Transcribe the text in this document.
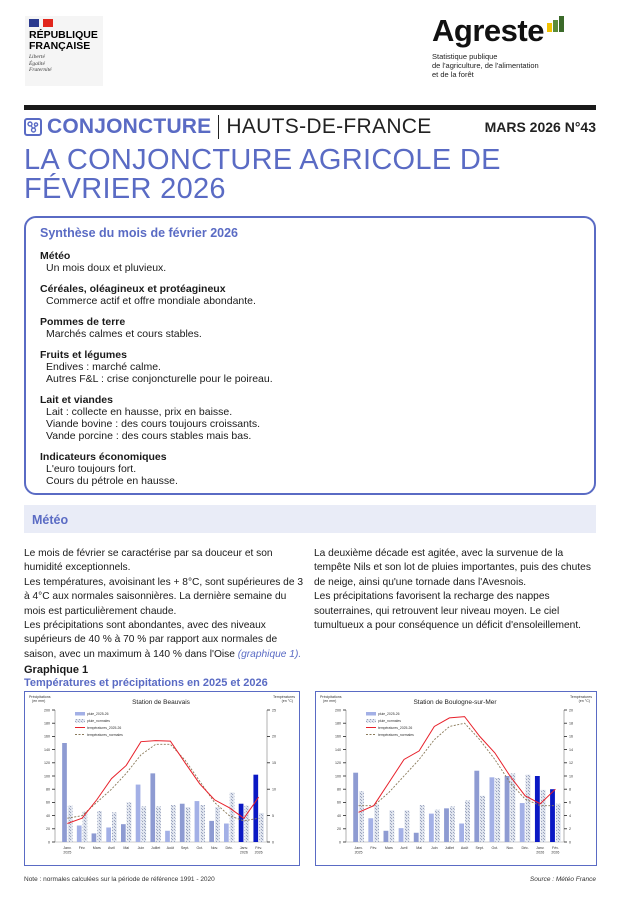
RÉPUBLIQUE
FRANÇAISE
Liberté
Égalité
Fraternité
Agreste
Statistique publique
de l'agriculture, de l'alimentation
et de la forêt
CONJONCTURE HAUTS-DE-FRANCE	MARS 2026 N°43
LA CONJONCTURE AGRICOLE DE
FÉVRIER 2026
Synthèse du mois de février 2026
Météo
Un mois doux et pluvieux.
Céréales, oléagineux et protéagineux
Commerce actif et offre mondiale abondante.
Pommes de terre
Marchés calmes et cours stables.
Fruits et légumes
Endives : marché calme.
Autres F&L : crise conjoncturelle pour le poireau.
Lait et viandes
Lait : collecte en hausse, prix en baisse.
Viande bovine : des cours toujours croissants.
Vande porcine : des cours stables mais bas.
Indicateurs économiques
L'euro toujours fort.
Cours du pétrole en hausse.
Météo
Le mois de février se caractérise par sa douceur et son humidité exceptionnels.
Les températures, avoisinant les + 8°C, sont supérieures de 3 à 4°C aux normales saisonnières. La dernière semaine du mois est particulièrement chaude.
Les précipitations sont abondantes, avec des niveaux supérieurs de 40 % à 70 % par rapport aux normales de saison, avec un maximum à 140 % dans l'Oise (graphique 1).
La deuxième décade est agitée, avec la survenue de la tempête Nils et son lot de pluies importantes, puis des chutes de neige, ainsi qu'une tornade dans l'Avesnois.
Les précipitations favorisent la recharge des nappes souterraines, qui retrouvent leur niveau moyen. Le ciel tumultueux a pour conséquence un déficit d'ensoleillement.
Graphique 1
Températures et précipitations en 2025 et 2026
Station de Beauvais
Précipitations
(en mm)
Températures
(en °C)
0
20
40
60
80
100
120
140
160
180
200
0
5
10
15
20
25
Janv.
2025
Fév. Mars Avril Mai Juin Juillet Août Sept. Oct. Nov. Déc. Janv.
2026
Fév.
2026
pluie_2025-26
pluie_normales
températures_2025-26
températures_normales
Station de Boulogne-sur-Mer
Précipitations
(en mm)
Températures
(en °C)
0
20
40
60
80
100
120
140
160
180
200
0
2
4
6
8
10
12
14
16
18
20
Janv.
2025
Fév. Mars Avril Mai Juin Juillet Août Sept. Oct. Nov. Déc. Janv.
2026
Fév.
2026
pluie_2025-26
pluie_normales
températures_2025-26
températures_normales
Note : normales calculées sur la période de référence 1991 - 2020	Source : Météo France
